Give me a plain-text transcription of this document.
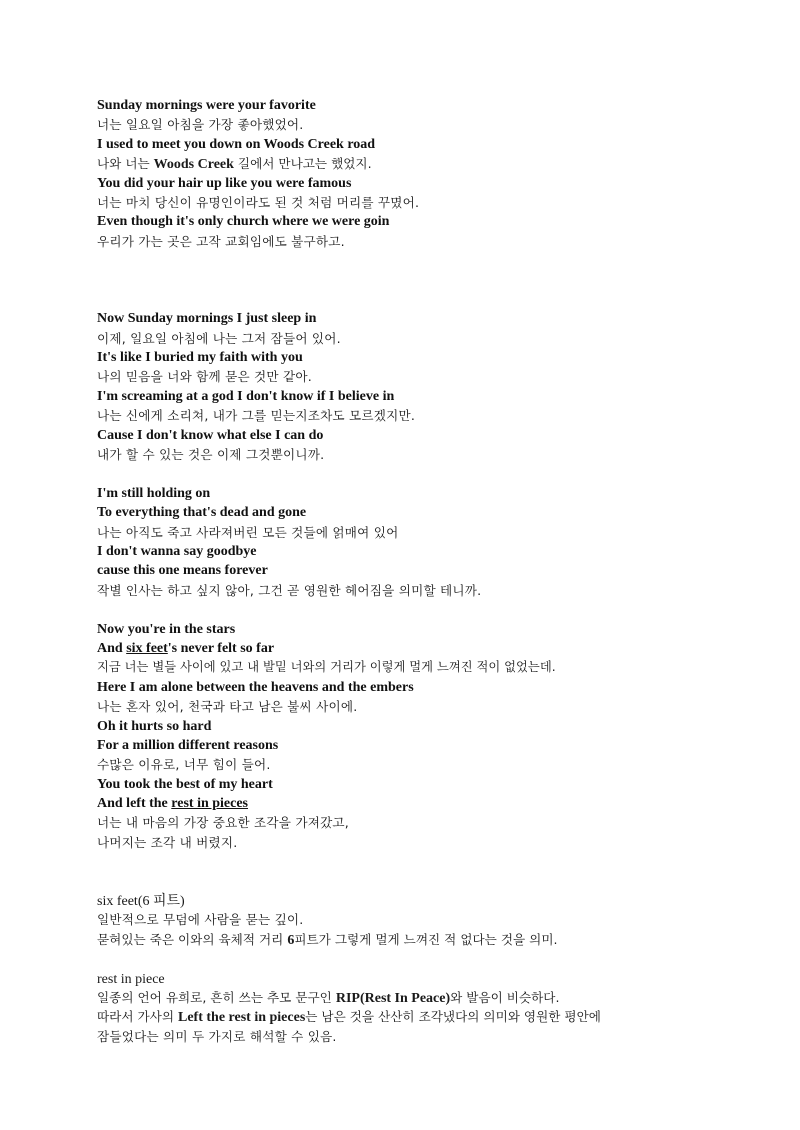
Sunday mornings were your favorite
너는 일요일 아침을 가장 좋아했었어.
I used to meet you down on Woods Creek road
나와 너는 Woods Creek 길에서 만나고는 했었지.
You did your hair up like you were famous
너는 마치 당신이 유명인이라도 된 것 처럼 머리를 꾸몄어.
Even though it's only church where we were goin
우리가 가는 곳은 고작 교회임에도 불구하고.
Now Sunday mornings I just sleep in
이제, 일요일 아침에 나는 그저 잠들어 있어.
It's like I buried my faith with you
나의 믿음을 너와 함께 묻은 것만 같아.
I'm screaming at a god I don't know if I believe in
나는 신에게 소리쳐, 내가 그를 믿는지조차도 모르겠지만.
Cause I don't know what else I can do
내가 할 수 있는 것은 이제 그것뿐이니까.
I'm still holding on
To everything that's dead and gone
나는 아직도 죽고 사라져버린 모든 것들에 얽매여 있어
I don't wanna say goodbye
cause this one means forever
작별 인사는 하고 싶지 않아, 그건 곧 영원한 헤어짐을 의미할 테니까.
Now you're in the stars
And six feet's never felt so far
지금 너는 별들 사이에 있고 내 발밑 너와의 거리가 이렇게 멀게 느껴진 적이 없었는데.
Here I am alone between the heavens and the embers
나는 혼자 있어, 천국과 타고 남은 불씨 사이에.
Oh it hurts so hard
For a million different reasons
수많은 이유로, 너무 힘이 들어.
You took the best of my heart
And left the rest in pieces
너는 내 마음의 가장 중요한 조각을 가져갔고,
나머지는 조각 내 버렸지.
six feet(6 피트)
일반적으로 무덤에 사람을 묻는 깊이.
묻혀있는 죽은 이와의 육체적 거리 6피트가 그렇게 멀게 느껴진 적 없다는 것을 의미.
rest in piece
일종의 언어 유희로, 흔히 쓰는 추모 문구인 RIP(Rest In Peace)와 발음이 비슷하다.
따라서 가사의 Left the rest in pieces는 남은 것을 산산히 조각냈다의 의미와 영원한 평안에
잠들었다는 의미 두 가지로 해석할 수 있음.
